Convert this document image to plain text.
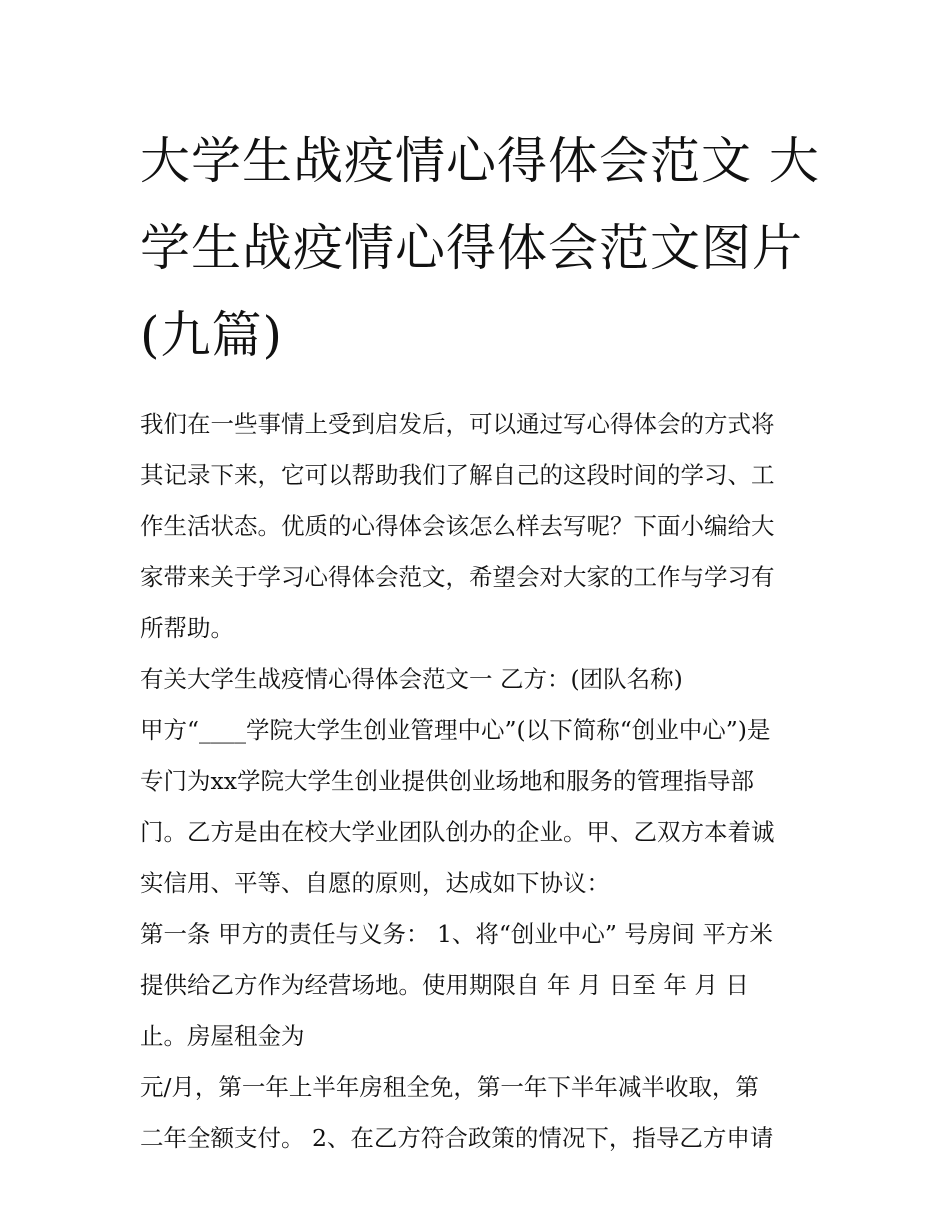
大学生战疫情心得体会范文 大
学生战疫情心得体会范文图片
(九篇)
我们在一些事情上受到启发后，可以通过写心得体会的方式将
其记录下来，它可以帮助我们了解自己的这段时间的学习、工
作生活状态。优质的心得体会该怎么样去写呢？下面小编给大
家带来关于学习心得体会范文，希望会对大家的工作与学习有
所帮助。
有关大学生战疫情心得体会范文一 乙方：(团队名称)
甲方“____学院大学生创业管理中心”(以下简称“创业中心”)是
专门为xx学院大学生创业提供创业场地和服务的管理指导部
门。乙方是由在校大学业团队创办的企业。甲、乙双方本着诚
实信用、平等、自愿的原则，达成如下协议：
第一条 甲方的责任与义务： 1、将“创业中心” 号房间 平方米
提供给乙方作为经营场地。使用期限自 年 月 日至 年 月 日
止。房屋租金为
元/月，第一年上半年房租全免，第一年下半年减半收取，第
二年全额支付。 2、在乙方符合政策的情况下，指导乙方申请
